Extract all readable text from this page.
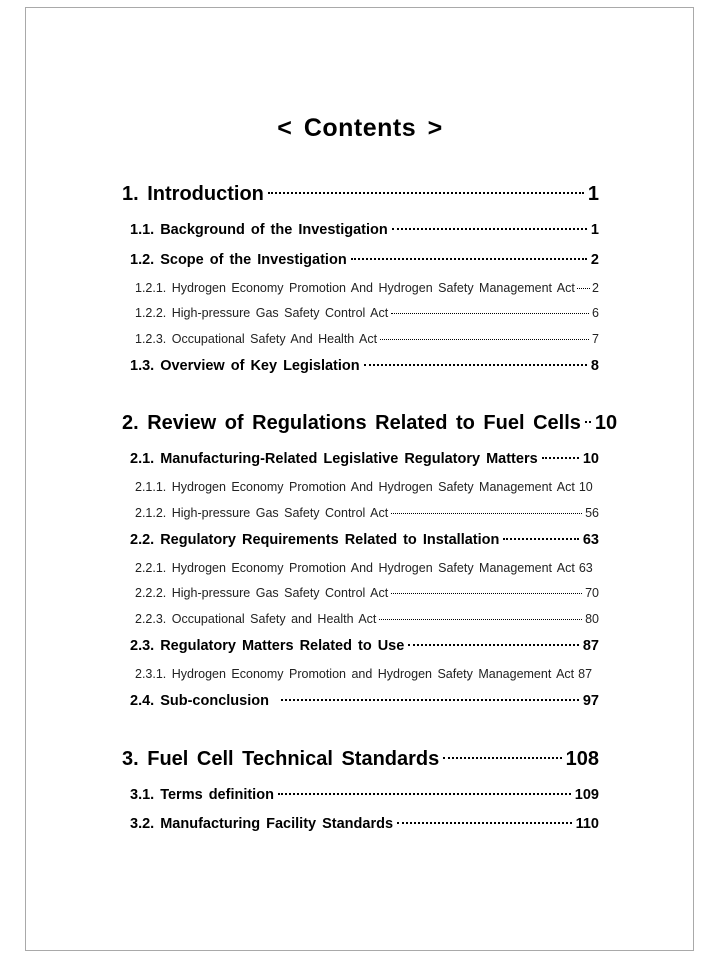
< Contents >
1. Introduction	1
1.1. Background of the Investigation	1
1.2. Scope of the Investigation	2
1.2.1. Hydrogen Economy Promotion And Hydrogen Safety Management Act 2
1.2.2. High-pressure Gas Safety Control Act	6
1.2.3. Occupational Safety And Health Act	7
1.3. Overview of Key Legislation	8
2. Review of Regulations Related to Fuel Cells 10
2.1. Manufacturing-Related Legislative Regulatory Matters	10
2.1.1. Hydrogen Economy Promotion And Hydrogen Safety Management Act 10
2.1.2. High-pressure Gas Safety Control Act	56
2.2. Regulatory Requirements Related to Installation	63
2.2.1. Hydrogen Economy Promotion And Hydrogen Safety Management Act 63
2.2.2. High-pressure Gas Safety Control Act	70
2.2.3. Occupational Safety and Health Act	80
2.3. Regulatory Matters Related to Use	87
2.3.1. Hydrogen Economy Promotion and Hydrogen Safety Management Act 87
2.4. Sub-conclusion	97
3. Fuel Cell Technical Standards	108
3.1. Terms definition	109
3.2. Manufacturing Facility Standards	110
